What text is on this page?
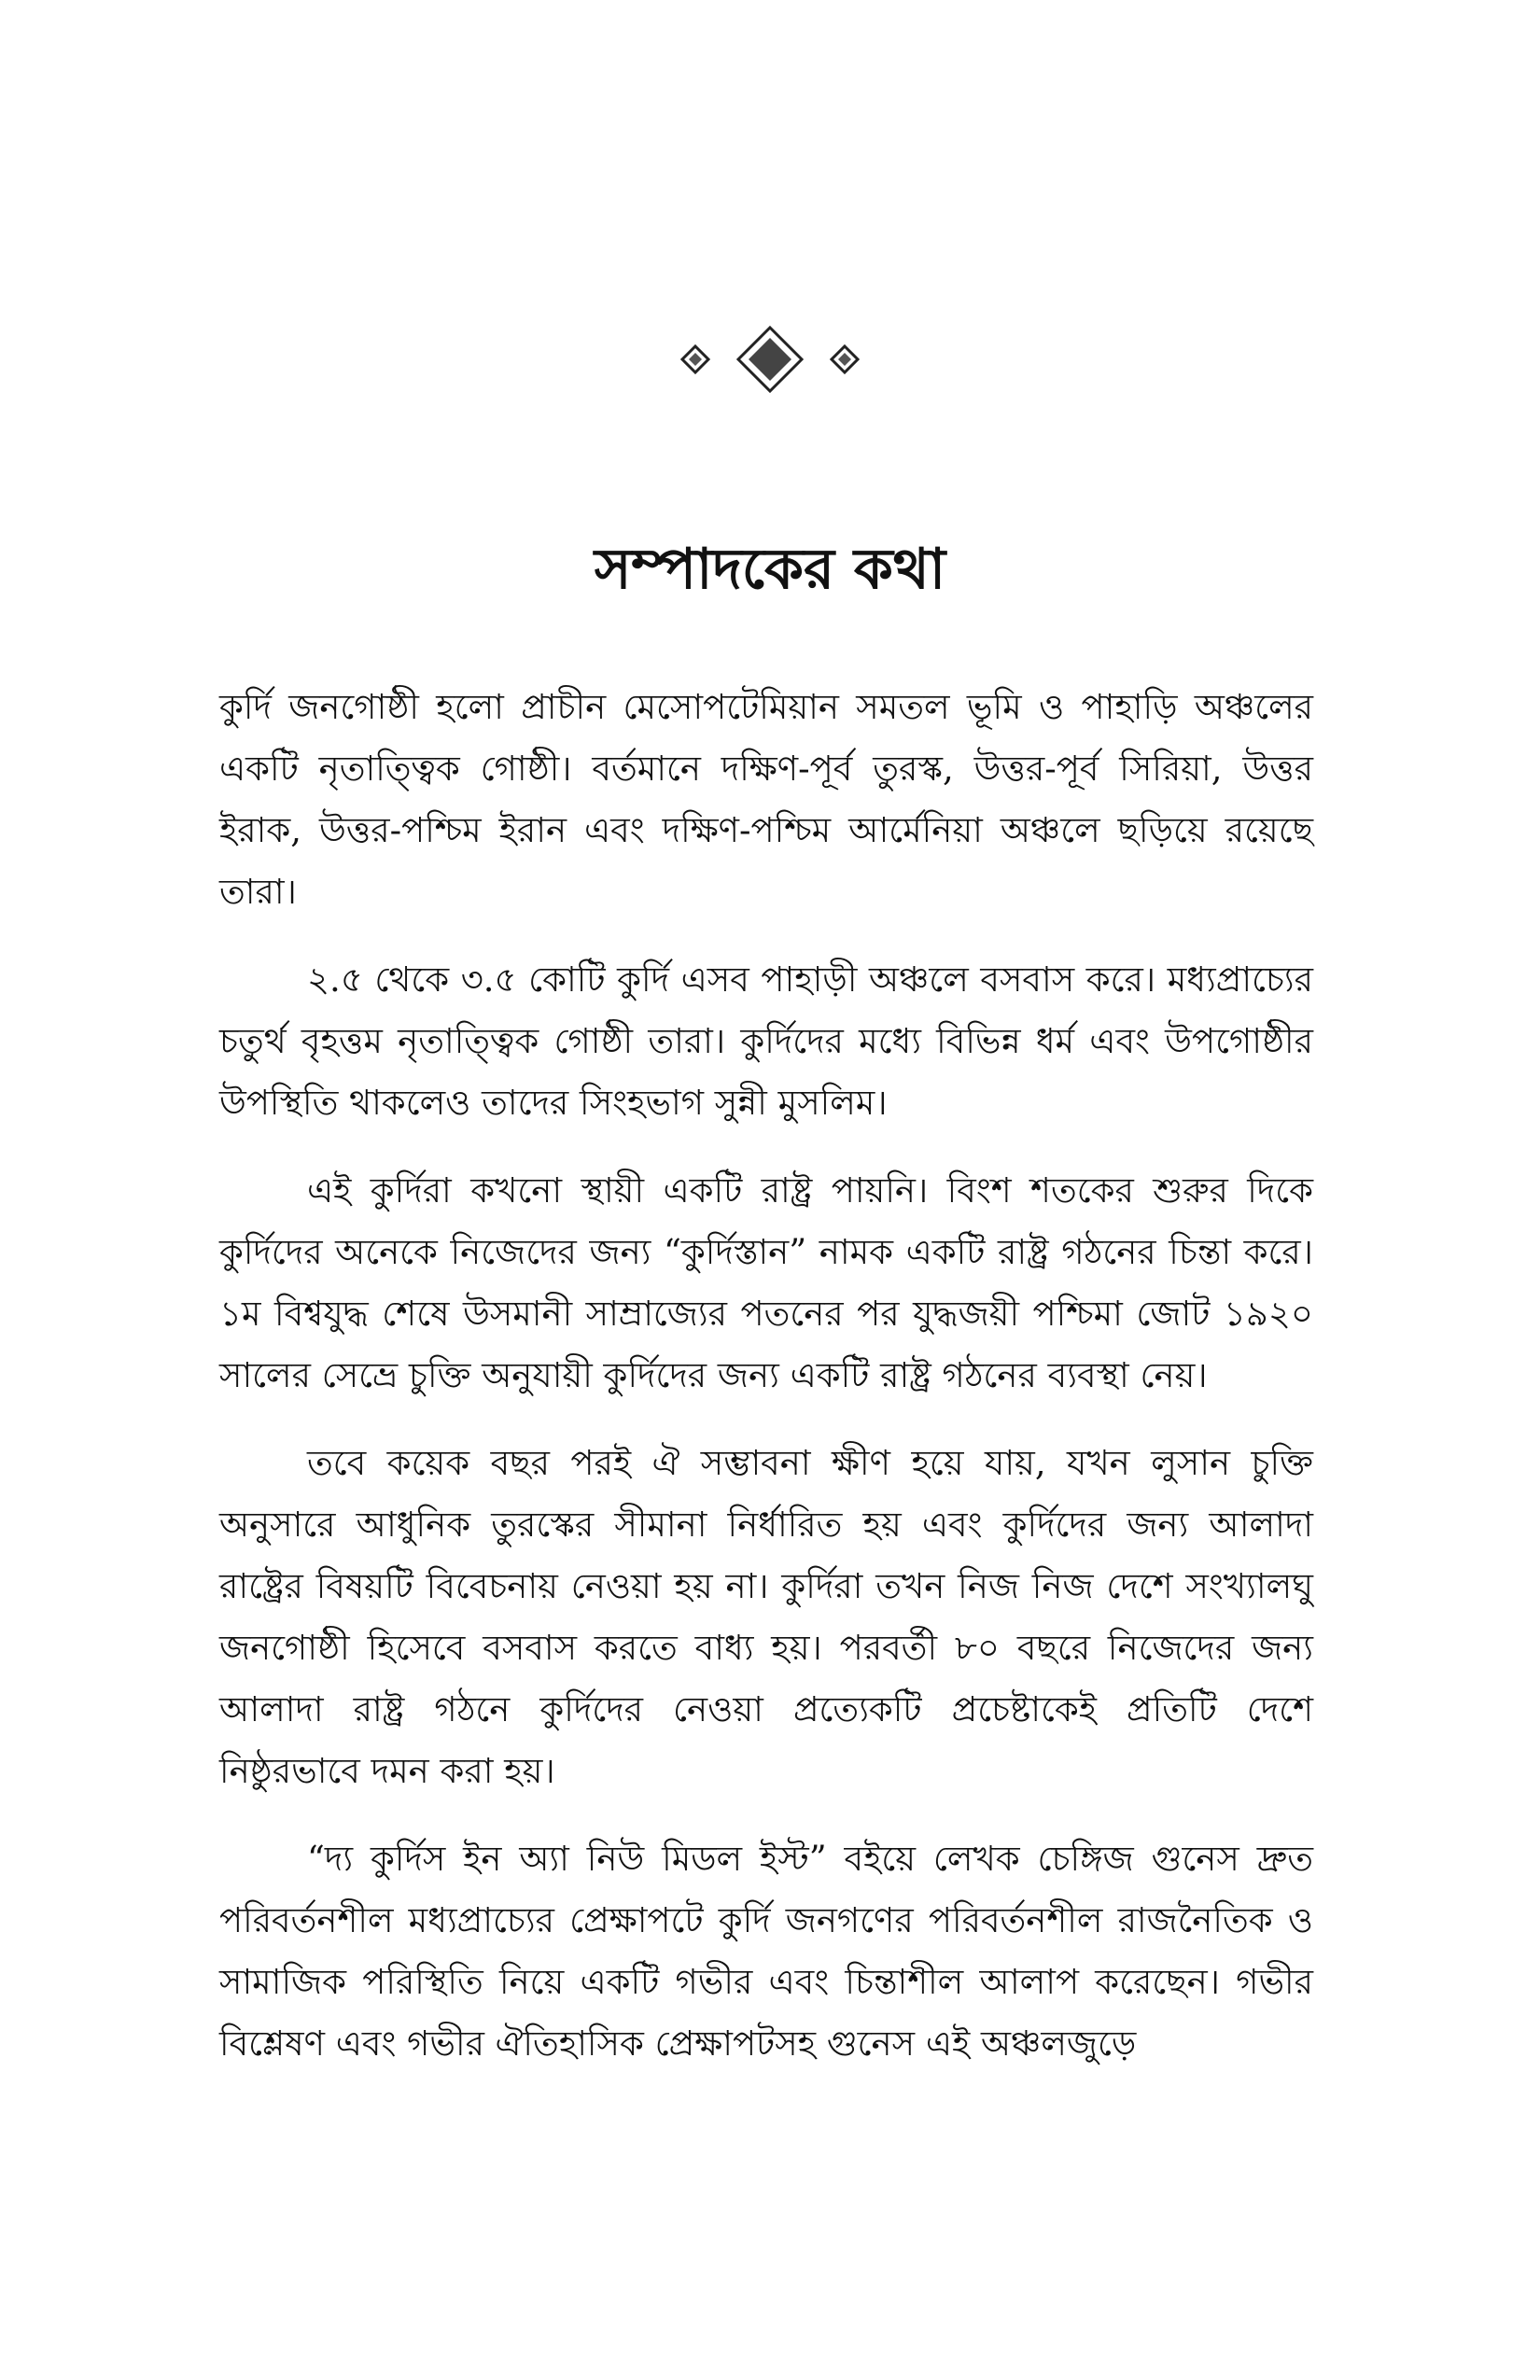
সম্পাদকের কথা

কুর্দি জনগোষ্ঠী হলো প্রাচীন মেসোপটেমিয়ান সমতল ভূমি ও পাহাড়ি অঞ্চলের একটি নৃতাত্ত্বিক গোষ্ঠী। বর্তমানে দক্ষিণ-পূর্ব তুরস্ক, উত্তর-পূর্ব সিরিয়া, উত্তর ইরাক, উত্তর-পশ্চিম ইরান এবং দক্ষিণ-পশ্চিম আর্মেনিয়া অঞ্চলে ছড়িয়ে রয়েছে তারা।

২.৫ থেকে ৩.৫ কোটি কুর্দি এসব পাহাড়ী অঞ্চলে বসবাস করে। মধ্যপ্রাচ্যের চতুর্থ বৃহত্তম নৃতাত্ত্বিক গোষ্ঠী তারা। কুর্দিদের মধ্যে বিভিন্ন ধর্ম এবং উপগোষ্ঠীর উপস্থিতি থাকলেও তাদের সিংহভাগ সুন্নী মুসলিম।

এই কুর্দিরা কখনো স্থায়ী একটি রাষ্ট্র পায়নি। বিংশ শতকের শুরুর দিকে কুর্দিদের অনেকে নিজেদের জন্য “কুর্দিস্তান” নামক একটি রাষ্ট্র গঠনের চিন্তা করে। ১ম বিশ্বযুদ্ধ শেষে উসমানী সাম্রাজ্যের পতনের পর যুদ্ধজয়ী পশ্চিমা জোট ১৯২০ সালের সেভ্রে চুক্তি অনুযায়ী কুর্দিদের জন্য একটি রাষ্ট্র গঠনের ব্যবস্থা নেয়।

তবে কয়েক বছর পরই ঐ সম্ভাবনা ক্ষীণ হয়ে যায়, যখন লুসান চুক্তি অনুসারে আধুনিক তুরস্কের সীমানা নির্ধারিত হয় এবং কুর্দিদের জন্য আলাদা রাষ্ট্রের বিষয়টি বিবেচনায় নেওয়া হয় না। কুর্দিরা তখন নিজ নিজ দেশে সংখ্যালঘু জনগোষ্ঠী হিসেবে বসবাস করতে বাধ্য হয়। পরবর্তী ৮০ বছরে নিজেদের জন্য আলাদা রাষ্ট্র গঠনে কুর্দিদের নেওয়া প্রত্যেকটি প্রচেষ্টাকেই প্রতিটি দেশে নিষ্ঠুরভাবে দমন করা হয়।

“দ্য কুর্দিস ইন অ্যা নিউ মিডল ইস্ট” বইয়ে লেখক চেঙ্গিজ গুনেস দ্রুত পরিবর্তনশীল মধ্যপ্রাচ্যের প্রেক্ষাপটে কুর্দি জনগণের পরিবর্তনশীল রাজনৈতিক ও সামাজিক পরিস্থিতি নিয়ে একটি গভীর এবং চিন্তাশীল আলাপ করেছেন। গভীর বিশ্লেষণ এবং গভীর ঐতিহাসিক প্রেক্ষাপটসহ গুনেস এই অঞ্চলজুড়ে
